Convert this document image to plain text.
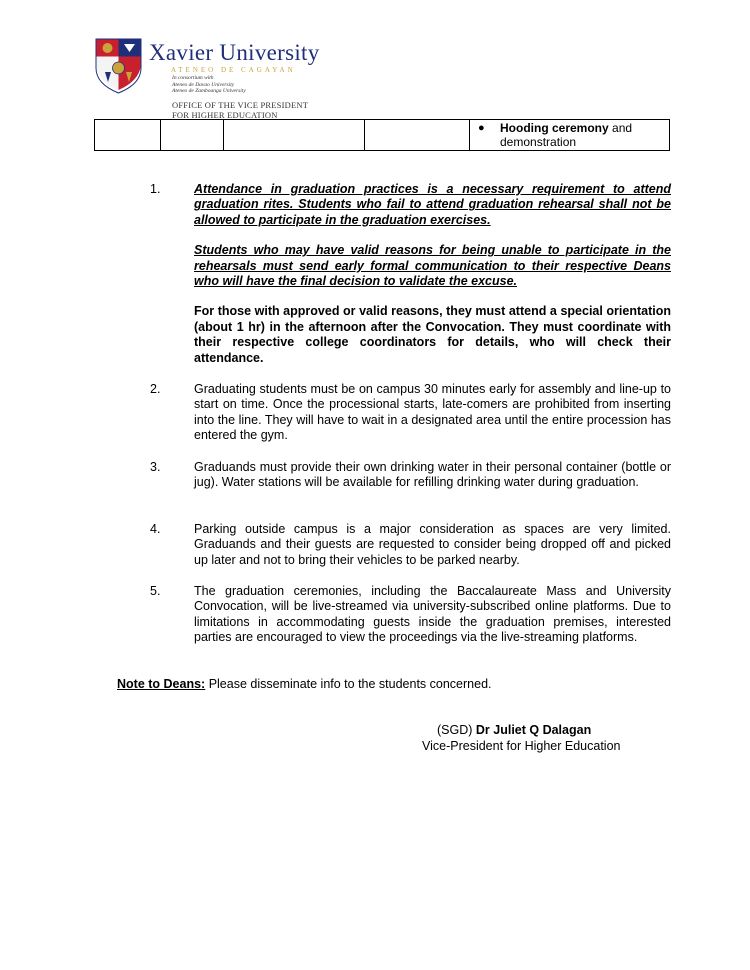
Xavier University
ATENEO DE CAGAYAN
In consortium with
Ateneo de Davao University
Ateneo de Zamboanga University
OFFICE OF THE VICE PRESIDENT
FOR HIGHER EDUCATION

● Hooding ceremony and
demonstration
1.	Attendance in graduation practices is a necessary requirement to attend graduation rites. Students who fail to attend graduation rehearsal shall not be allowed to participate in the graduation exercises.

Students who may have valid reasons for being unable to participate in the rehearsals must send early formal communication to their respective Deans who will have the final decision to validate the excuse.

For those with approved or valid reasons, they must attend a special orientation (about 1 hr) in the afternoon after the Convocation. They must coordinate with their respective college coordinators for details, who will check their attendance.

2.	Graduating students must be on campus 30 minutes early for assembly and line-up to start on time. Once the processional starts, late-comers are prohibited from inserting into the line. They will have to wait in a designated area until the entire procession has entered the gym.
3.	Graduands must provide their own drinking water in their personal container (bottle or jug). Water stations will be available for refilling drinking water during graduation.
4.	Parking outside campus is a major consideration as spaces are very limited. Graduands and their guests are requested to consider being dropped off and picked up later and not to bring their vehicles to be parked nearby.
5.	The graduation ceremonies, including the Baccalaureate Mass and University Convocation, will be live-streamed via university-subscribed online platforms. Due to limitations in accommodating guests inside the graduation premises, interested parties are encouraged to view the proceedings via the live-streaming platforms.
Note to Deans: Please disseminate info to the students concerned.
(SGD) Dr Juliet Q Dalagan
Vice-President for Higher Education
